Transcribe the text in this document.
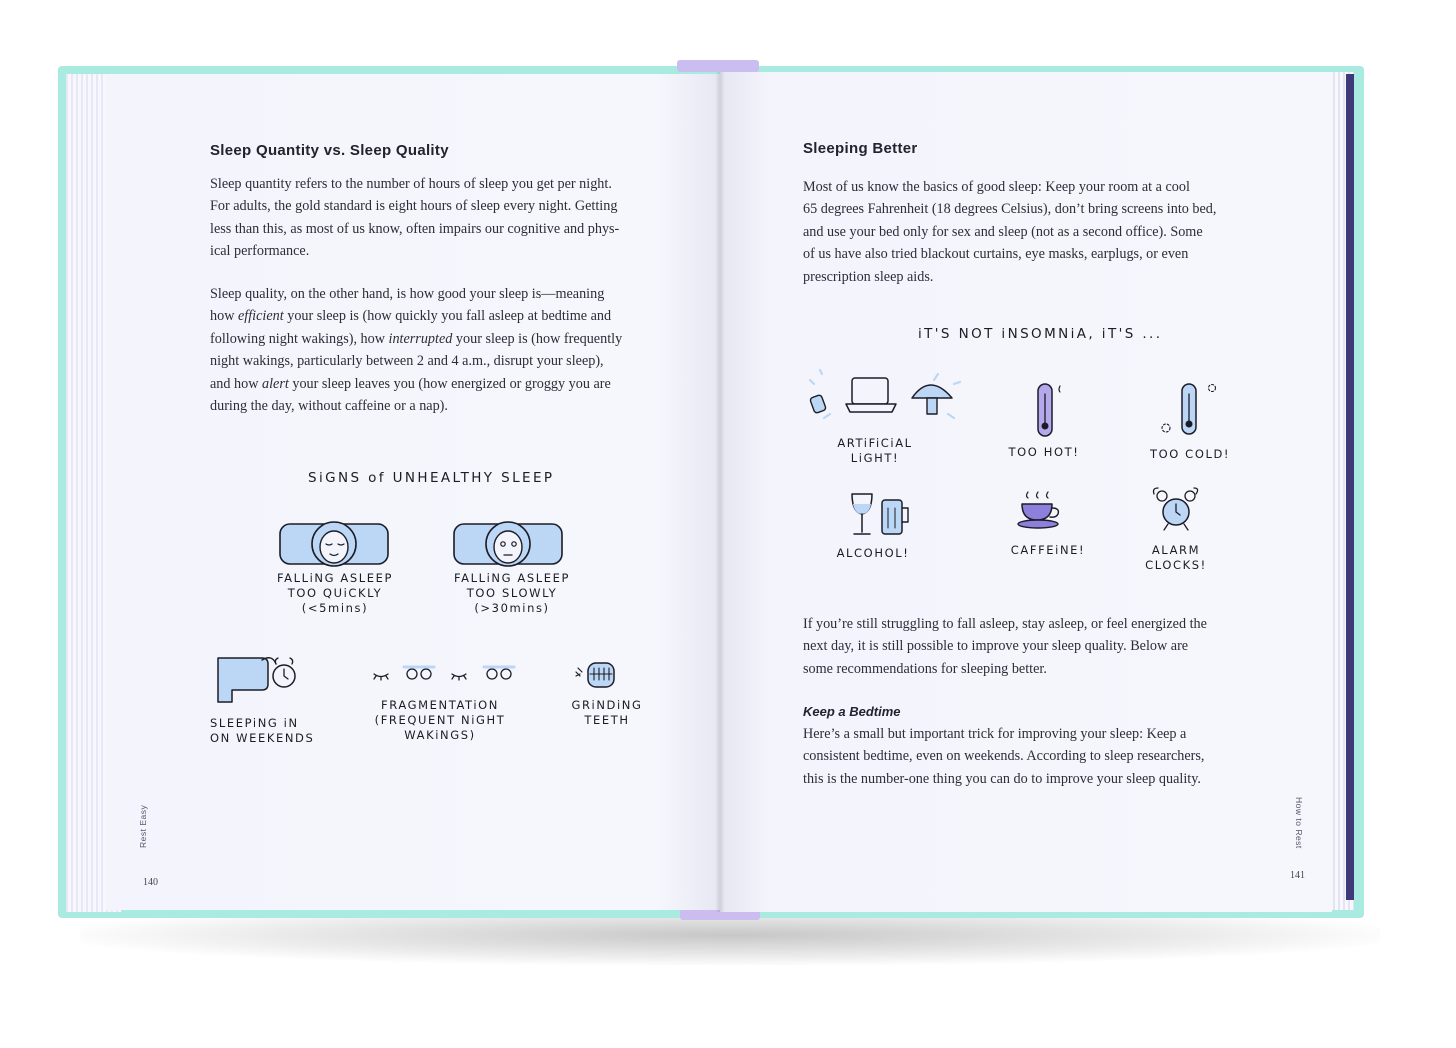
Sleep Quantity vs. Sleep Quality
Sleep quantity refers to the number of hours of sleep you get per night.
For adults, the gold standard is eight hours of sleep every night. Getting
less than this, as most of us know, often impairs our cognitive and phys-
ical performance.
Sleep quality, on the other hand, is how good your sleep is—meaning
how efficient your sleep is (how quickly you fall asleep at bedtime and
following night wakings), how interrupted your sleep is (how frequently
night wakings, particularly between 2 and 4 a.m., disrupt your sleep),
and how alert your sleep leaves you (how energized or groggy you are
during the day, without caffeine or a nap).
SiGNS of UNHEALTHY SLEEP
FALLiNG ASLEEP
TOO QUiCKLY
(<5mins)
FALLiNG ASLEEP
TOO SLOWLY
(>30mins)
SLEEPiNG iN
ON WEEKENDS
FRAGMENTATiON
(FREQUENT NiGHT
WAKiNGS)
GRiNDiNG
TEETH
Rest Easy
140
Sleeping Better
Most of us know the basics of good sleep: Keep your room at a cool
65 degrees Fahrenheit (18 degrees Celsius), don’t bring screens into bed,
and use your bed only for sex and sleep (not as a second office). Some
of us have also tried blackout curtains, eye masks, earplugs, or even
prescription sleep aids.
iT'S NOT iNSOMNiA, iT'S ...
ARTiFiCiAL
LiGHT!	TOO HOT!	TOO COLD!
ALCOHOL!	CAFFEiNE!	ALARM
CLOCKS!
If you’re still struggling to fall asleep, stay asleep, or feel energized the
next day, it is still possible to improve your sleep quality. Below are
some recommendations for sleeping better.
Keep a Bedtime
Here’s a small but important trick for improving your sleep: Keep a
consistent bedtime, even on weekends. According to sleep researchers,
this is the number-one thing you can do to improve your sleep quality.
How to Rest
141
